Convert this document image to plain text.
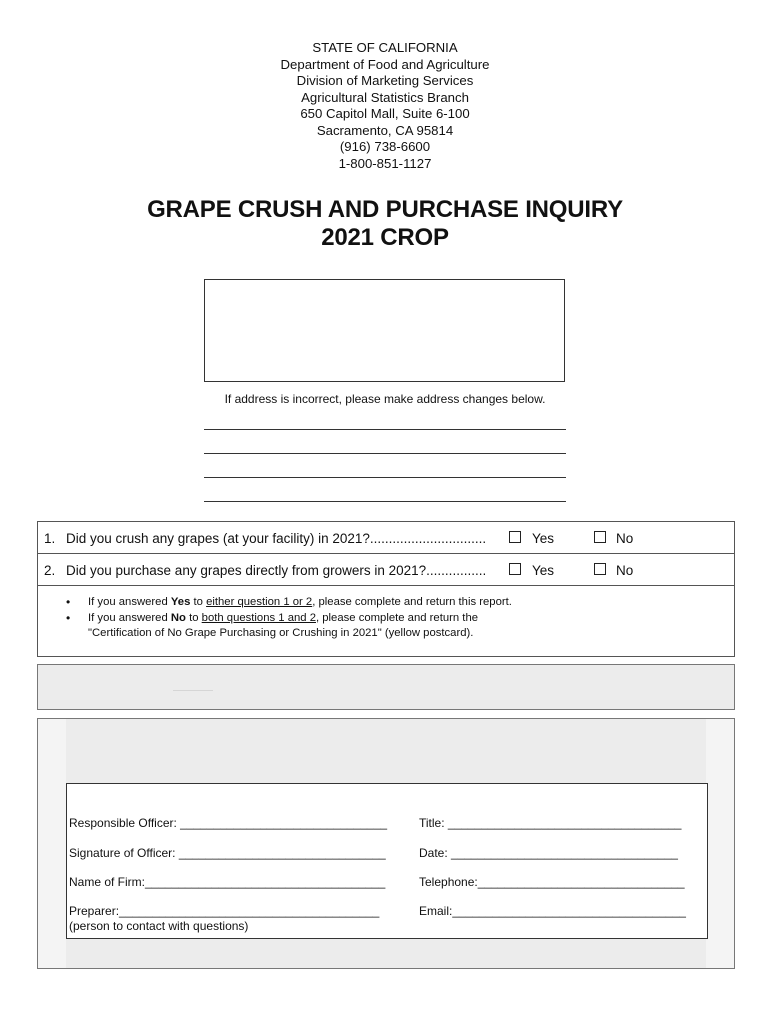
STATE OF CALIFORNIA
Department of Food and Agriculture
Division of Marketing Services
Agricultural Statistics Branch
650 Capitol Mall, Suite 6-100
Sacramento, CA 95814
(916) 738-6600
1-800-851-1127
GRAPE CRUSH AND PURCHASE INQUIRY
2021 CROP
If address is incorrect, please make address changes below.
1. Did you crush any grapes (at your facility) in 2021?...............................	Yes	No
2. Did you purchase any grapes directly from growers in 2021?................	Yes	No
• If you answered Yes to either question 1 or 2, please complete and return this report.
• If you answered No to both questions 1 and 2, please complete and return the
"Certification of No Grape Purchasing or Crushing in 2021" (yellow postcard).
Responsible Officer: _______________________________	Title: ___________________________________
Signature of Officer: _______________________________	Date: __________________________________
Name of Firm:____________________________________	Telephone:_______________________________
Preparer:_______________________________________	Email:___________________________________
(person to contact with questions)
